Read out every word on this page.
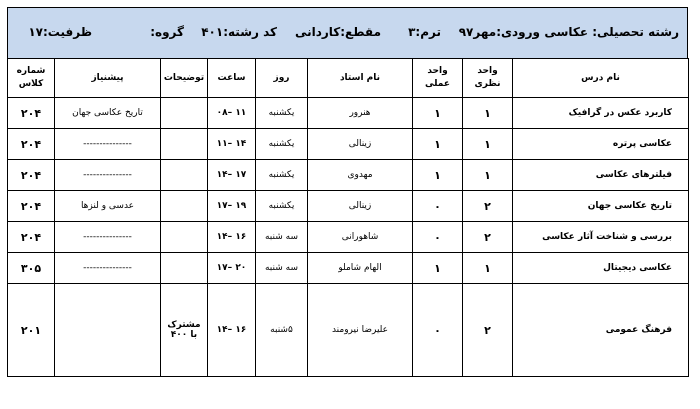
رشته تحصیلی: عکاسی
ورودی:مهر۹۷
ترم:۳
مقطع:کاردانی
کد رشته:۴۰۱
گروه:
ظرفیت:۱۷
نام درس	واحد نظری	واحد عملی	نام استاد	روز	ساعت	توضیحات	پیشنیاز	شماره کلاس
کاربرد عکس در گرافیک	۱	۱	هنرور	یکشنبه	۱۱ –۰۸		تاریخ عکاسی جهان	۲۰۴
عکاسی پرتره	۱	۱	زینالی	یکشنبه	۱۴ –۱۱		---------------	۲۰۴
فیلترهای عکاسی	۱	۱	مهدوی	یکشنبه	۱۷ –۱۴		---------------	۲۰۴
تاریخ عکاسی جهان	۲	۰	زینالی	یکشنبه	۱۹ –۱۷		عدسی و لنزها	۲۰۴
بررسی و شناخت آثار عکاسی	۲	۰	شاهورانی	سه شنبه	۱۶ –۱۴		---------------	۲۰۴
عکاسی دیجیتال	۱	۱	الهام شاملو	سه شنبه	۲۰ –۱۷		---------------	۳۰۵
فرهنگ عمومی	۲	۰	علیرضا نیرومند	۵شنبه	۱۶ –۱۴	مشترک با ۴۰۰		۲۰۱
